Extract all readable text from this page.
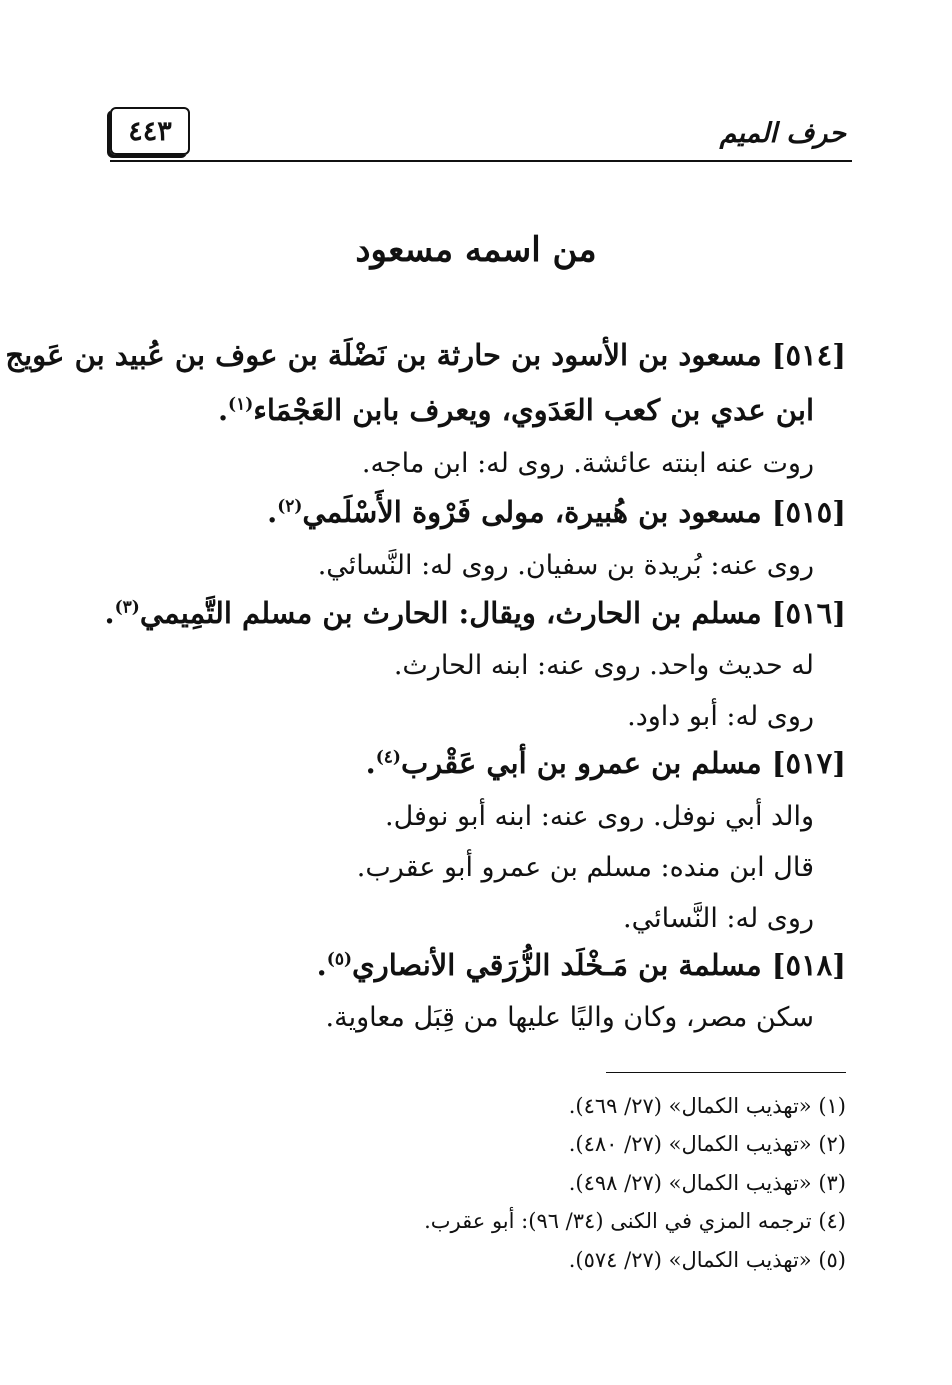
٤٤٣	حرف الميم
من اسمه مسعود
[٥١٤] مسعود بن الأسود بن حارثة بن نَضْلَة بن عوف بن عُبيد بن عَويج
ابن عدي بن كعب العَدَوي، ويعرف بابن العَجْمَاء$^{(١)}$.
روت عنه ابنته عائشة. روى له: ابن ماجه.
[٥١٥] مسعود بن هُبيرة، مولى فَرْوة الأَسْلَمي$^{(٢)}$.
روى عنه: بُريدة بن سفيان. روى له: النَّسائي.
[٥١٦] مسلم بن الحارث، ويقال: الحارث بن مسلم التَّمِيمي$^{(٣)}$.
له حديث واحد. روى عنه: ابنه الحارث.
روى له: أبو داود.
[٥١٧] مسلم بن عمرو بن أبي عَقْرب$^{(٤)}$.
والد أبي نوفل. روى عنه: ابنه أبو نوفل.
قال ابن منده: مسلم بن عمرو أبو عقرب.
روى له: النَّسائي.
[٥١٨] مسلمة بن مَـخْلَد الزُّرَقي الأنصاري$^{(٥)}$.
سكن مصر، وكان واليًا عليها من قِبَل معاوية.
(١) «تهذيب الكمال» (٢٧/ ٤٦٩).
(٢) «تهذيب الكمال» (٢٧/ ٤٨٠).
(٣) «تهذيب الكمال» (٢٧/ ٤٩٨).
(٤) ترجمه المزي في الكنى (٣٤/ ٩٦): أبو عقرب.
(٥) «تهذيب الكمال» (٢٧/ ٥٧٤).
